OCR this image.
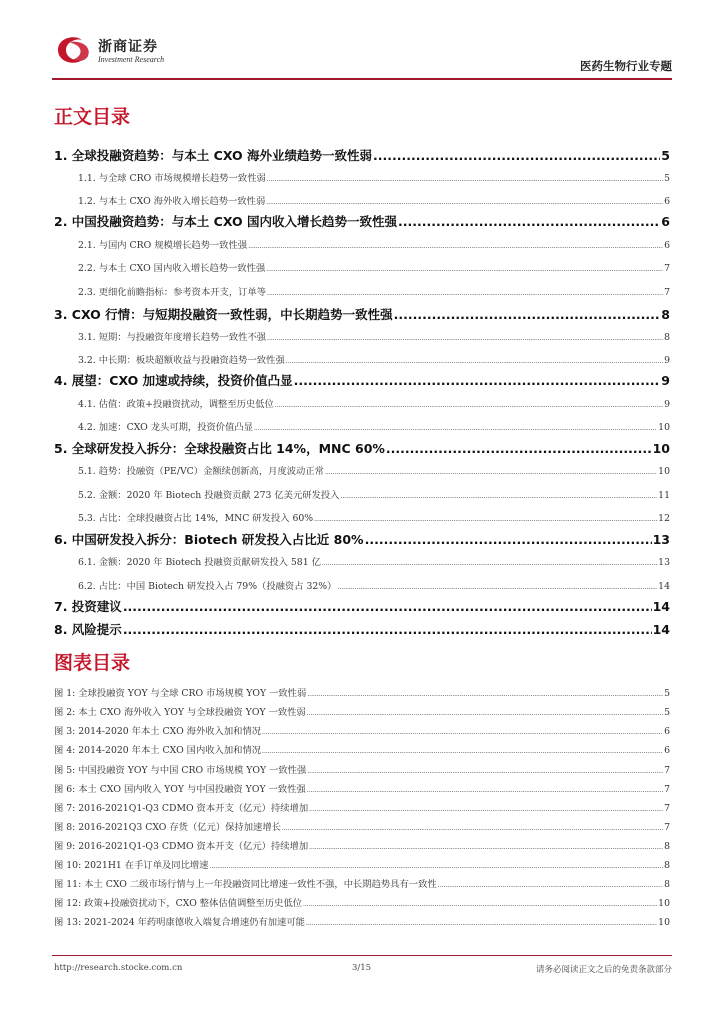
浙商证券
Investment Research	医药生物行业专题
正文目录
1. 全球投融资趋势：与本土 CXO 海外业绩趋势一致性弱 .....	5
1.1. 与全球 CRO 市场规模增长趋势一致性弱 .....	5
1.2. 与本土 CXO 海外收入增长趋势一致性弱 .....	6
2. 中国投融资趋势：与本土 CXO 国内收入增长趋势一致性强 .....	6
2.1. 与国内 CRO 规模增长趋势一致性强 .....	6
2.2. 与本土 CXO 国内收入增长趋势一致性强 .....	7
2.3. 更细化前瞻指标：参考资本开支，订单等 .....	7
3. CXO 行情：与短期投融资一致性弱，中长期趋势一致性强 .....	8
3.1. 短期：与投融资年度增长趋势一致性不强 .....	8
3.2. 中长期：板块超额收益与投融资趋势一致性强 .....	9
4. 展望：CXO 加速或持续，投资价值凸显 .....	9
4.1. 估值：政策+投融资扰动，调整至历史低位 .....	9
4.2. 加速：CXO 龙头可期，投资价值凸显 .....	10
5. 全球研发投入拆分：全球投融资占比 14%，MNC 60% .....	10
5.1. 趋势：投融资（PE/VC）金额续创新高，月度波动正常 .....	10
5.2. 金额：2020 年 Biotech 投融资贡献 273 亿美元研发投入 .....	11
5.3. 占比：全球投融资占比 14%，MNC 研发投入 60% .....	12
6. 中国研发投入拆分：Biotech 研发投入占比近 80% .....	13
6.1. 金额：2020 年 Biotech 投融资贡献研发投入 581 亿 .....	13
6.2. 占比：中国 Biotech 研发投入占 79%（投融资占 32%） .....	14
7. 投资建议 .....	14
8. 风险提示 .....	14
图表目录
图 1: 全球投融资 YOY 与全球 CRO 市场规模 YOY 一致性弱 .....	5
图 2: 本土 CXO 海外收入 YOY 与全球投融资 YOY 一致性弱 .....	5
图 3: 2014-2020 年本土 CXO 海外收入加和情况 .....	6
图 4: 2014-2020 年本土 CXO 国内收入加和情况 .....	6
图 5: 中国投融资 YOY 与中国 CRO 市场规模 YOY 一致性强 .....	7
图 6: 本土 CXO 国内收入 YOY 与中国投融资 YOY 一致性强 .....	7
图 7: 2016-2021Q1-Q3 CDMO 资本开支（亿元）持续增加 .....	7
图 8: 2016-2021Q3 CXO 存货（亿元）保持加速增长 .....	7
图 9: 2016-2021Q1-Q3 CDMO 资本开支（亿元）持续增加 .....	8
图 10: 2021H1 在手订单及同比增速 .....	8
图 11: 本土 CXO 二级市场行情与上一年投融资同比增速一致性不强，中长期趋势具有一致性 .....	8
图 12: 政策+投融资扰动下，CXO 整体估值调整至历史低位 .....	10
图 13: 2021-2024 年药明康德收入端复合增速仍有加速可能 .....	10
http://research.stocke.com.cn	3/15	请务必阅读正文之后的免责条款部分
